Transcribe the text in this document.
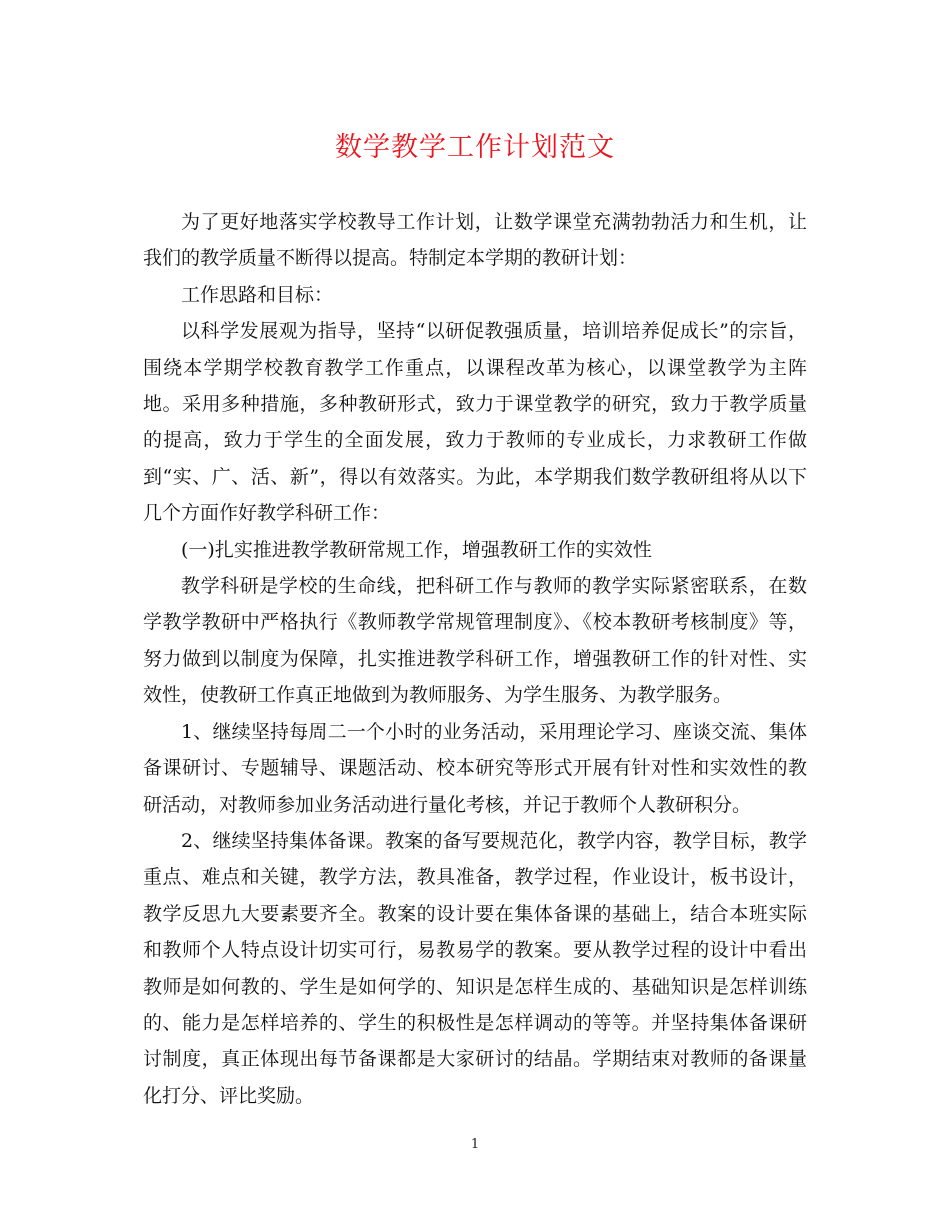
数学教学工作计划范文

为了更好地落实学校教导工作计划，让数学课堂充满勃勃活力和生机，让我们的教学质量不断得以提高。特制定本学期的教研计划：

工作思路和目标：

以科学发展观为指导，坚持“以研促教强质量，培训培养促成长”的宗旨，围绕本学期学校教育教学工作重点，以课程改革为核心，以课堂教学为主阵地。采用多种措施，多种教研形式，致力于课堂教学的研究，致力于教学质量的提高，致力于学生的全面发展，致力于教师的专业成长，力求教研工作做到“实、广、活、新”，得以有效落实。为此，本学期我们数学教研组将从以下几个方面作好教学科研工作：

(一)扎实推进教学教研常规工作，增强教研工作的实效性

教学科研是学校的生命线，把科研工作与教师的教学实际紧密联系，在数学教学教研中严格执行《教师教学常规管理制度》、《校本教研考核制度》等，努力做到以制度为保障，扎实推进教学科研工作，增强教研工作的针对性、实效性，使教研工作真正地做到为教师服务、为学生服务、为教学服务。

1、继续坚持每周二一个小时的业务活动，采用理论学习、座谈交流、集体备课研讨、专题辅导、课题活动、校本研究等形式开展有针对性和实效性的教研活动，对教师参加业务活动进行量化考核，并记于教师个人教研积分。

2、继续坚持集体备课。教案的备写要规范化，教学内容，教学目标，教学重点、难点和关键，教学方法，教具准备，教学过程，作业设计，板书设计，教学反思九大要素要齐全。教案的设计要在集体备课的基础上，结合本班实际和教师个人特点设计切实可行，易教易学的教案。要从教学过程的设计中看出教师是如何教的、学生是如何学的、知识是怎样生成的、基础知识是怎样训练的、能力是怎样培养的、学生的积极性是怎样调动的等等。并坚持集体备课研讨制度，真正体现出每节备课都是大家研讨的结晶。学期结束对教师的备课量化打分、评比奖励。

1
